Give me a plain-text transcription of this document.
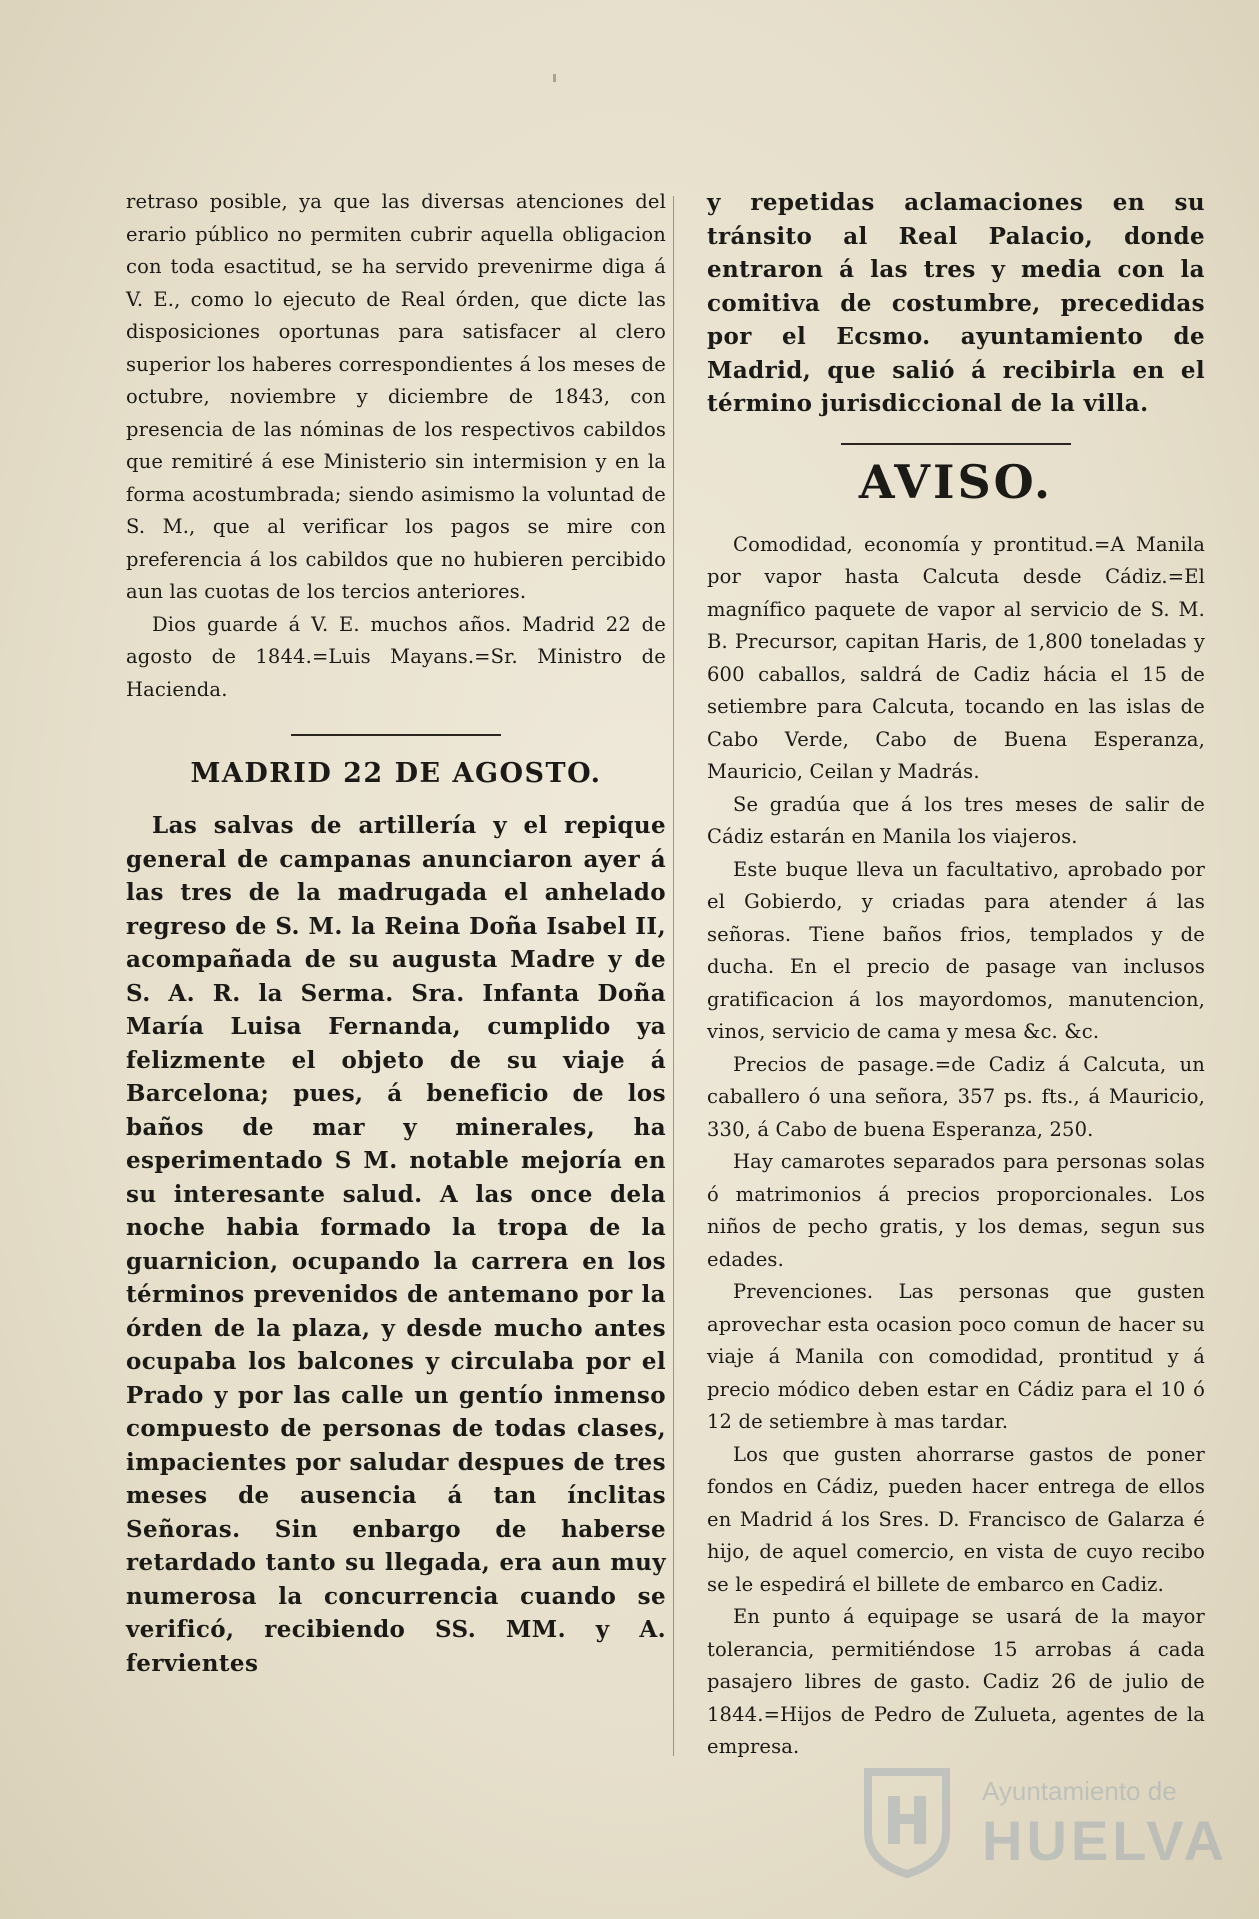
retraso posible, ya que las diversas atenciones del erario público no permiten cubrir aquella obligacion con toda esactitud, se ha servido prevenirme diga á V. E., como lo ejecuto de Real órden, que dicte las disposiciones oportunas para satisfacer al clero superior los haberes correspondientes á los meses de octubre, noviembre y diciembre de 1843, con presencia de las nóminas de los respectivos cabildos que remitiré á ese Ministerio sin intermision y en la forma acostumbrada; siendo asimismo la voluntad de S. M., que al verificar los pagos se mire con preferencia á los cabildos que no hubieren percibido aun las cuotas de los tercios anteriores.

Dios guarde á V. E. muchos años. Madrid 22 de agosto de 1844.=Luis Mayans.=Sr. Ministro de Hacienda.

MADRID 22 DE AGOSTO.

Las salvas de artillería y el repique general de campanas anunciaron ayer á las tres de la madrugada el anhelado regreso de S. M. la Reina Doña Isabel II, acompañada de su augusta Madre y de S. A. R. la Serma. Sra. Infanta Doña María Luisa Fernanda, cumplido ya felizmente el objeto de su viaje á Barcelona; pues, á beneficio de los baños de mar y minerales, ha esperimentado S M. notable mejoría en su interesante salud. A las once dela noche habia formado la tropa de la guarnicion, ocupando la carrera en los términos prevenidos de antemano por la órden de la plaza, y desde mucho antes ocupaba los balcones y circulaba por el Prado y por las calle un gentío inmenso compuesto de personas de todas clases, impacientes por saludar despues de tres meses de ausencia á tan ínclitas Señoras. Sin enbargo de haberse retardado tanto su llegada, era aun muy numerosa la concurrencia cuando se verificó, recibiendo SS. MM. y A. fervientes

y repetidas aclamaciones en su tránsito al Real Palacio, donde entraron á las tres y media con la comitiva de costumbre, precedidas por el Ecsmo. ayuntamiento de Madrid, que salió á recibirla en el término jurisdiccional de la villa.

AVISO.

Comodidad, economía y prontitud.=A Manila por vapor hasta Calcuta desde Cádiz.=El magnífico paquete de vapor al servicio de S. M. B. Precursor, capitan Haris, de 1,800 toneladas y 600 caballos, saldrá de Cadiz hácia el 15 de setiembre para Calcuta, tocando en las islas de Cabo Verde, Cabo de Buena Esperanza, Mauricio, Ceilan y Madrás.

Se gradúa que á los tres meses de salir de Cádiz estarán en Manila los viajeros.

Este buque lleva un facultativo, aprobado por el Gobierdo, y criadas para atender á las señoras. Tiene baños frios, templados y de ducha. En el precio de pasage van inclusos gratificacion á los mayordomos, manutencion, vinos, servicio de cama y mesa &c. &c.

Precios de pasage.=de Cadiz á Calcuta, un caballero ó una señora, 357 ps. fts., á Mauricio, 330, á Cabo de buena Esperanza, 250.

Hay camarotes separados para personas solas ó matrimonios á precios proporcionales. Los niños de pecho gratis, y los demas, segun sus edades.

Prevenciones. Las personas que gusten aprovechar esta ocasion poco comun de hacer su viaje á Manila con comodidad, prontitud y á precio módico deben estar en Cádiz para el 10 ó 12 de setiembre à mas tardar.

Los que gusten ahorrarse gastos de poner fondos en Cádiz, pueden hacer entrega de ellos en Madrid á los Sres. D. Francisco de Galarza é hijo, de aquel comercio, en vista de cuyo recibo se le espedirá el billete de embarco en Cadiz.

En punto á equipage se usará de la mayor tolerancia, permitiéndose 15 arrobas á cada pasajero libres de gasto. Cadiz 26 de julio de 1844.=Hijos de Pedro de Zulueta, agentes de la empresa.

Ayuntamiento de
HUELVA
